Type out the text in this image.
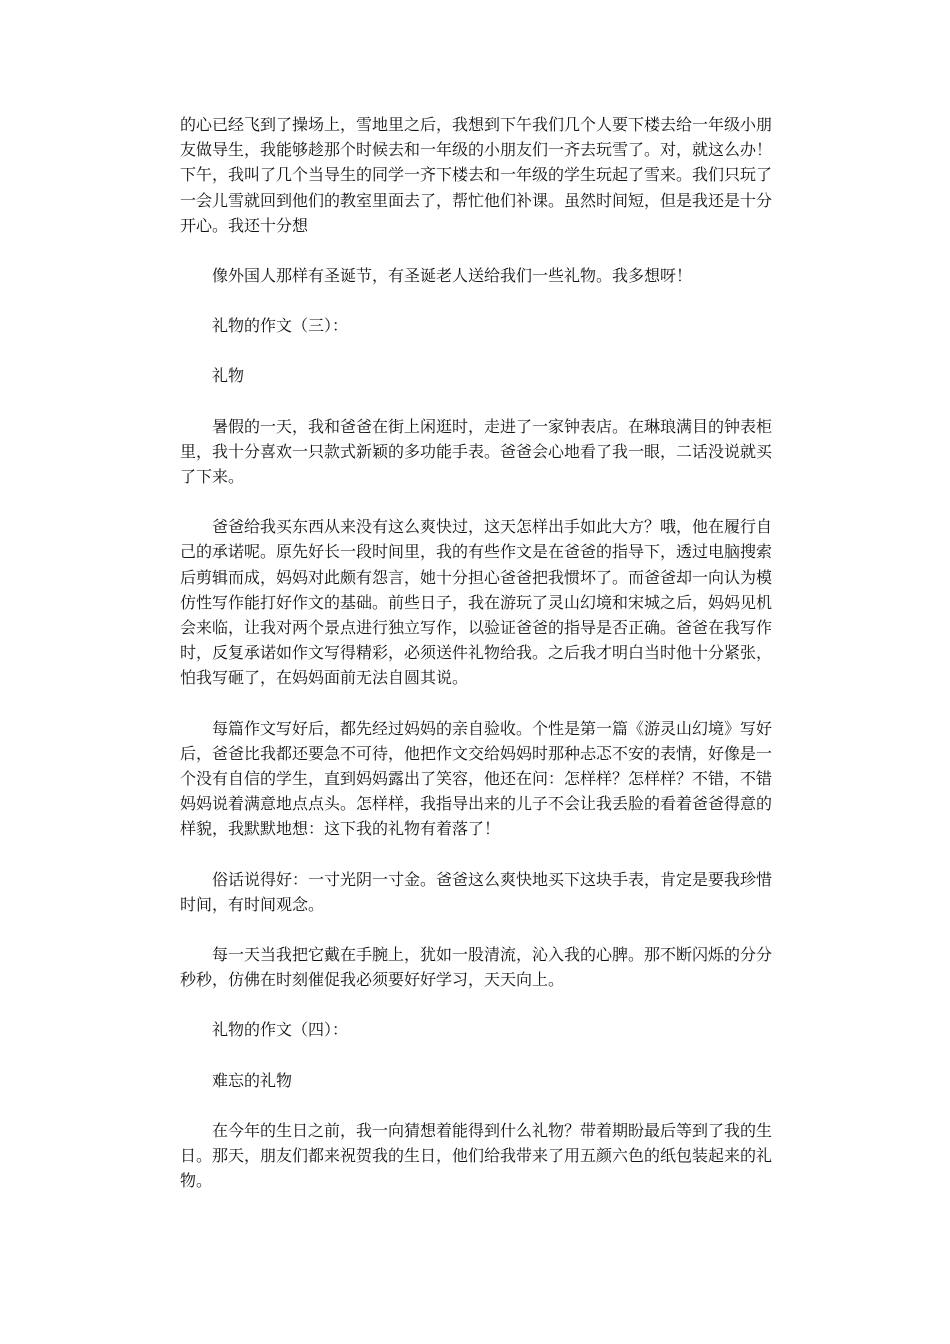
的心已经飞到了操场上，雪地里之后，我想到下午我们几个人要下楼去给一年级小朋友做导生，我能够趁那个时候去和一年级的小朋友们一齐去玩雪了。对，就这么办！下午，我叫了几个当导生的同学一齐下楼去和一年级的学生玩起了雪来。我们只玩了一会儿雪就回到他们的教室里面去了，帮忙他们补课。虽然时间短，但是我还是十分开心。我还十分想

像外国人那样有圣诞节，有圣诞老人送给我们一些礼物。我多想呀！

礼物的作文（三）：

礼物

暑假的一天，我和爸爸在街上闲逛时，走进了一家钟表店。在琳琅满目的钟表柜里，我十分喜欢一只款式新颖的多功能手表。爸爸会心地看了我一眼，二话没说就买了下来。

爸爸给我买东西从来没有这么爽快过，这天怎样出手如此大方？哦，他在履行自己的承诺呢。原先好长一段时间里，我的有些作文是在爸爸的指导下，透过电脑搜索后剪辑而成，妈妈对此颇有怨言，她十分担心爸爸把我惯坏了。而爸爸却一向认为模仿性写作能打好作文的基础。前些日子，我在游玩了灵山幻境和宋城之后，妈妈见机会来临，让我对两个景点进行独立写作，以验证爸爸的指导是否正确。爸爸在我写作时，反复承诺如作文写得精彩，必须送件礼物给我。之后我才明白当时他十分紧张，怕我写砸了，在妈妈面前无法自圆其说。

每篇作文写好后，都先经过妈妈的亲自验收。个性是第一篇《游灵山幻境》写好后，爸爸比我都还要急不可待，他把作文交给妈妈时那种忐忑不安的表情，好像是一个没有自信的学生，直到妈妈露出了笑容，他还在问：怎样样？怎样样？不错，不错妈妈说着满意地点点头。怎样样，我指导出来的儿子不会让我丢脸的看着爸爸得意的样貌，我默默地想：这下我的礼物有着落了！

俗话说得好：一寸光阴一寸金。爸爸这么爽快地买下这块手表，肯定是要我珍惜时间，有时间观念。

每一天当我把它戴在手腕上，犹如一股清流，沁入我的心脾。那不断闪烁的分分秒秒，仿佛在时刻催促我必须要好好学习，天天向上。

礼物的作文（四）：

难忘的礼物

在今年的生日之前，我一向猜想着能得到什么礼物？带着期盼最后等到了我的生日。那天，朋友们都来祝贺我的生日，他们给我带来了用五颜六色的纸包装起来的礼物。
